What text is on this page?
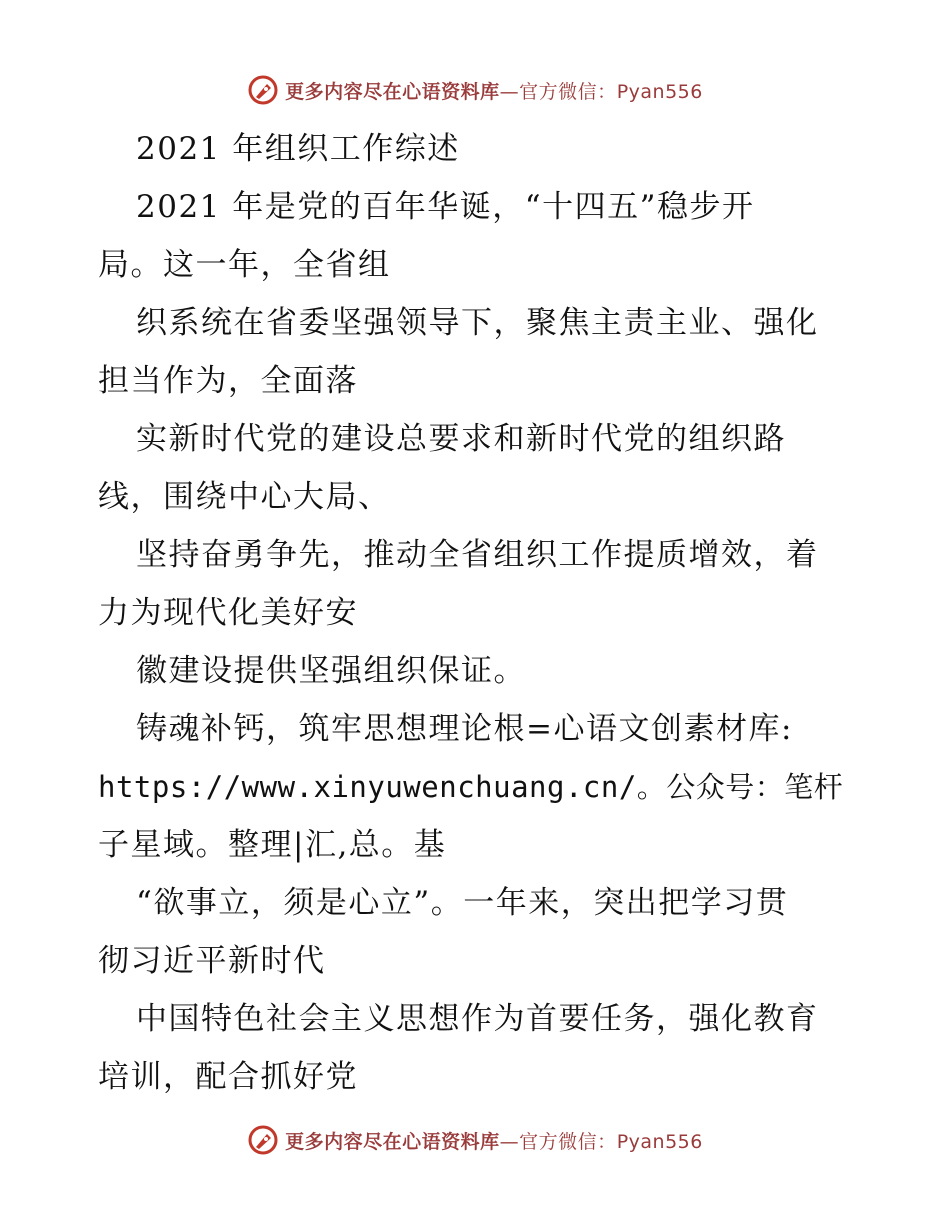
更多内容尽在心语资料库—官方微信：Pyan556

2021 年组织工作综述

2021 年是党的百年华诞，“十四五”稳步开

局。这一年，全省组

织系统在省委坚强领导下，聚焦主责主业、强化

担当作为，全面落

实新时代党的建设总要求和新时代党的组织路

线，围绕中心大局、

坚持奋勇争先，推动全省组织工作提质增效，着

力为现代化美好安

徽建设提供坚强组织保证。

铸魂补钙，筑牢思想理论根=心语文创素材库:

https://www.xinyuwenchuang.cn/。公众号：笔杆

子星域。整理|汇,总。基

“欲事立，须是心立”。一年来，突出把学习贯

彻习近平新时代

中国特色社会主义思想作为首要任务，强化教育

培训，配合抓好党

更多内容尽在心语资料库—官方微信：Pyan556
